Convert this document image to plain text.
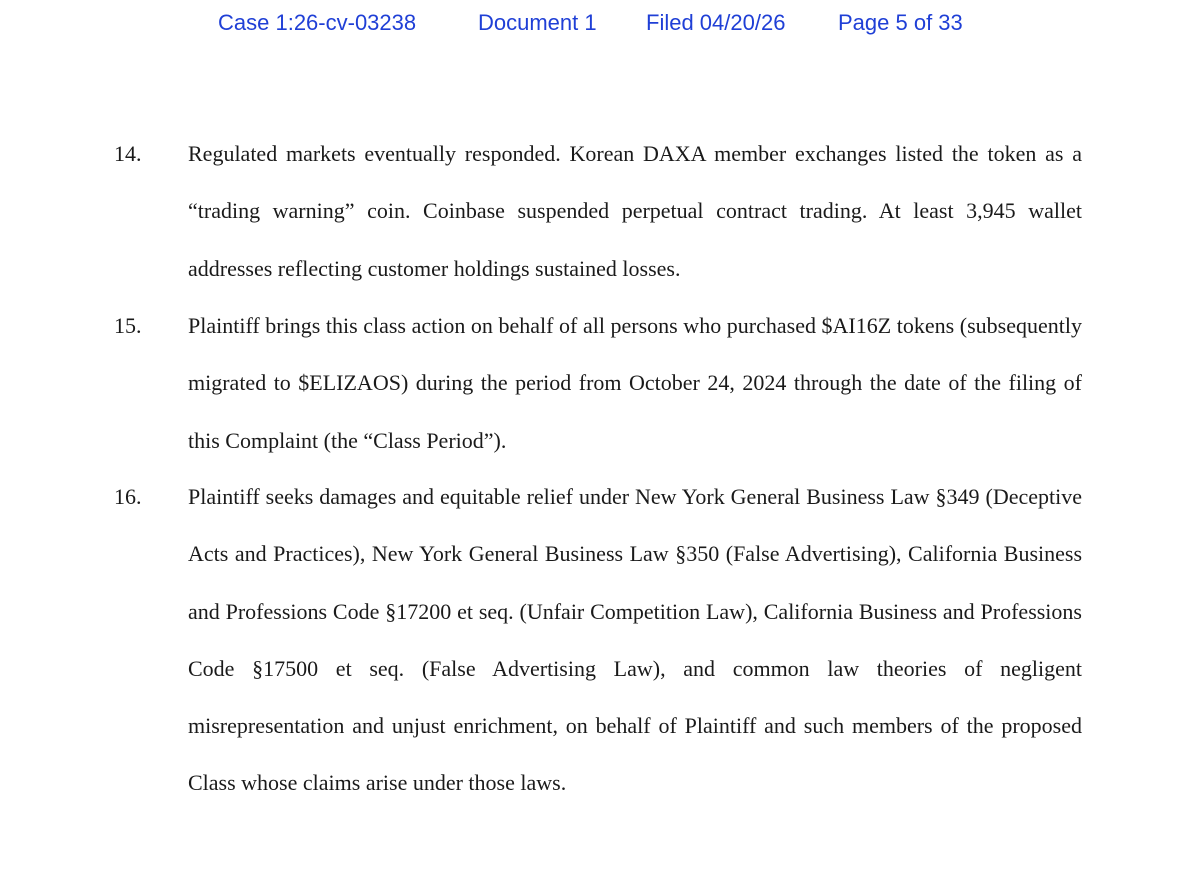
Case 1:26-cv-03238	Document 1 Filed 04/20/26 Page 5 of 33
14. Regulated markets eventually responded. Korean DAXA member exchanges listed the token as a “trading warning” coin. Coinbase suspended perpetual contract trading. At least 3,945 wallet addresses reflecting customer holdings sustained losses.

15. Plaintiff brings this class action on behalf of all persons who purchased $AI16Z tokens (subsequently migrated to $ELIZAOS) during the period from October 24, 2024 through the date of the filing of this Complaint (the “Class Period”).

16. Plaintiff seeks damages and equitable relief under New York General Business Law §349 (Deceptive Acts and Practices), New York General Business Law §350 (False Advertising), California Business and Professions Code §17200 et seq. (Unfair Competition Law), California Business and Professions Code §17500 et seq. (False Advertising Law), and common law theories of negligent misrepresentation and unjust enrichment, on behalf of Plaintiff and such members of the proposed Class whose claims arise under those laws.
